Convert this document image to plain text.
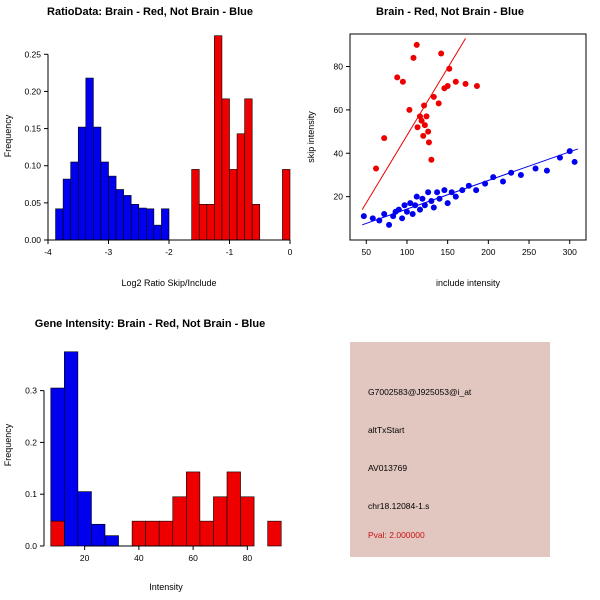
RatioData: Brain - Red, Not Brain - Blue
0.00
0.05
0.10
0.15
0.20
0.25
-4	-3	-2	-1	0
Log2 Ratio Skip/Include
Frequency
Brain - Red, Not Brain - Blue
50	100	150	200	250	300
20
40
60
80
include intensity
skip intensity
Gene Intensity: Brain - Red, Not Brain - Blue
0.0
0.1
0.2
0.3
20	40	60	80
Intensity
Frequency
G7002583@J925053@i_at
altTxStart
AV013769
chr18.12084-1.s
Pval: 2.000000
